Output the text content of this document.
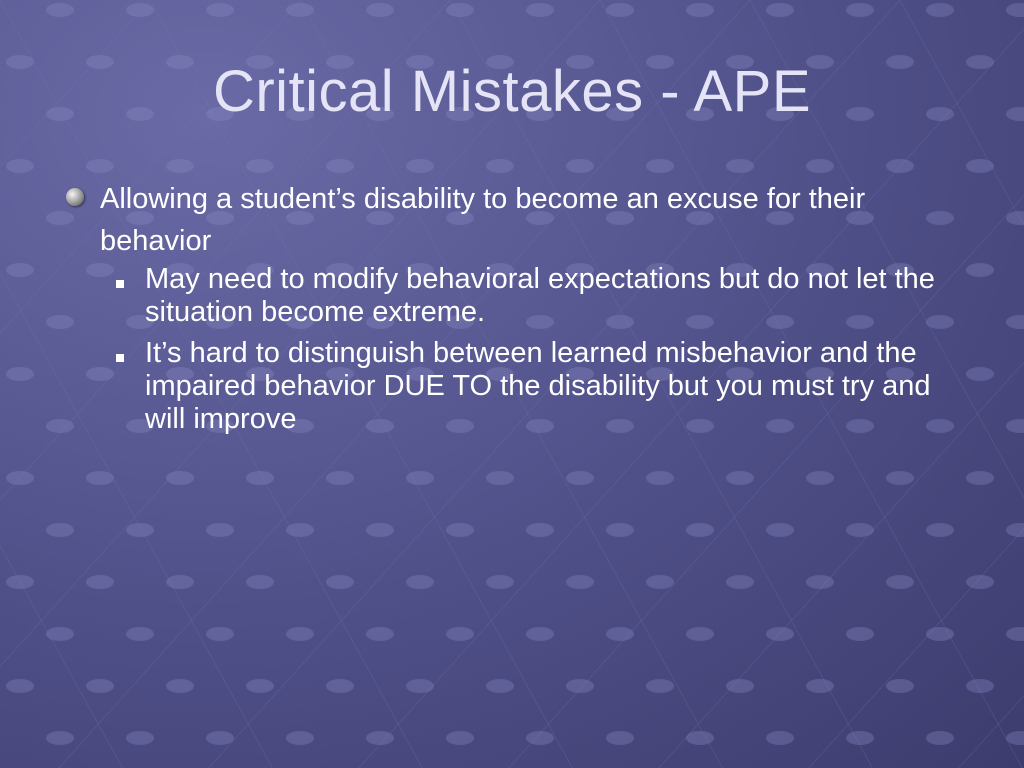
Critical Mistakes - APE
Allowing a student’s disability to become an excuse for their behavior
May need to modify behavioral expectations but do not let the situation become extreme.
It’s hard to distinguish between learned misbehavior and the impaired behavior DUE TO the disability but you must try and will improve
